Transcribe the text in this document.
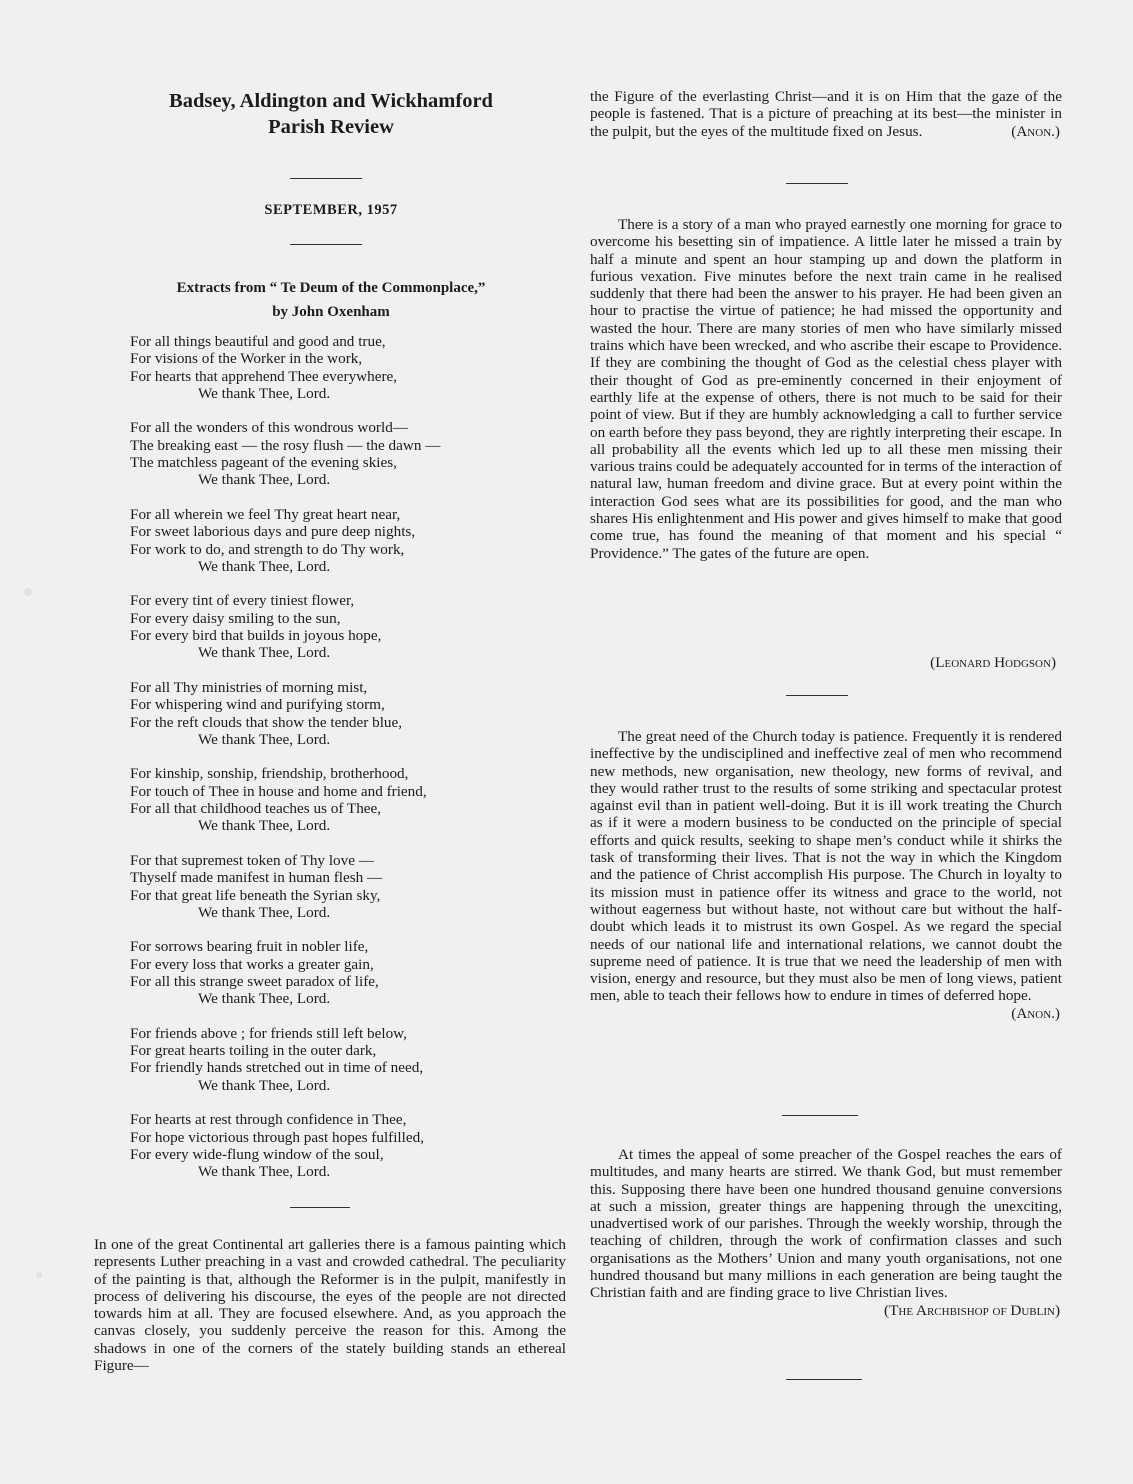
Badsey, Aldington and Wickhamford
Parish Review
SEPTEMBER, 1957
Extracts from “ Te Deum of the Commonplace,”
by John Oxenham
For all things beautiful and good and true,
For visions of the Worker in the work,
For hearts that apprehend Thee everywhere,
We thank Thee, Lord.
For all the wonders of this wondrous world—
The breaking east — the rosy flush — the dawn —
The matchless pageant of the evening skies,
We thank Thee, Lord.
For all wherein we feel Thy great heart near,
For sweet laborious days and pure deep nights,
For work to do, and strength to do Thy work,
We thank Thee, Lord.
For every tint of every tiniest flower,
For every daisy smiling to the sun,
For every bird that builds in joyous hope,
We thank Thee, Lord.
For all Thy ministries of morning mist,
For whispering wind and purifying storm,
For the reft clouds that show the tender blue,
We thank Thee, Lord.
For kinship, sonship, friendship, brotherhood,
For touch of Thee in house and home and friend,
For all that childhood teaches us of Thee,
We thank Thee, Lord.
For that supremest token of Thy love —
Thyself made manifest in human flesh —
For that great life beneath the Syrian sky,
We thank Thee, Lord.
For sorrows bearing fruit in nobler life,
For every loss that works a greater gain,
For all this strange sweet paradox of life,
We thank Thee, Lord.
For friends above ; for friends still left below,
For great hearts toiling in the outer dark,
For friendly hands stretched out in time of need,
We thank Thee, Lord.
For hearts at rest through confidence in Thee,
For hope victorious through past hopes fulfilled,
For every wide-flung window of the soul,
We thank Thee, Lord.

In one of the great Continental art galleries there is a famous painting which represents Luther preaching in a vast and crowded cathedral. The peculiarity of the painting is that, although the Reformer is in the pulpit, manifestly in process of delivering his discourse, the eyes of the people are not directed towards him at all. They are focused elsewhere. And, as you approach the canvas closely, you suddenly perceive the reason for this. Among the shadows in one of the corners of the stately building stands an ethereal Figure—

the Figure of the everlasting Christ—and it is on Him that the gaze of the people is fastened. That is a picture of preaching at its best—the minister in the pulpit, but the eyes of the multitude fixed on Jesus.	(Anon.)

There is a story of a man who prayed earnestly one morning for grace to overcome his besetting sin of impatience. A little later he missed a train by half a minute and spent an hour stamping up and down the platform in furious vexation. Five minutes before the next train came in he realised suddenly that there had been the answer to his prayer. He had been given an hour to practise the virtue of patience; he had missed the opportunity and wasted the hour. There are many stories of men who have similarly missed trains which have been wrecked, and who ascribe their escape to Providence. If they are combining the thought of God as the celestial chess player with their thought of God as pre-eminently concerned in their enjoyment of earthly life at the expense of others, there is not much to be said for their point of view. But if they are humbly acknowledging a call to further service on earth before they pass beyond, they are rightly interpreting their escape. In all probability all the events which led up to all these men missing their various trains could be adequately accounted for in terms of the interaction of natural law, human freedom and divine grace. But at every point within the interaction God sees what are its possibilities for good, and the man who shares His enlightenment and His power and gives himself to make that good come true, has found the meaning of that moment and his special “ Providence.” The gates of the future are open.

(Leonard Hodgson)

The great need of the Church today is patience. Frequently it is rendered ineffective by the undisciplined and ineffective zeal of men who recommend new methods, new organisation, new theology, new forms of revival, and they would rather trust to the results of some striking and spectacular protest against evil than in patient well-doing. But it is ill work treating the Church as if it were a modern business to be conducted on the principle of special efforts and quick results, seeking to shape men’s conduct while it shirks the task of transforming their lives. That is not the way in which the Kingdom and the patience of Christ accomplish His purpose. The Church in loyalty to its mission must in patience offer its witness and grace to the world, not without eagerness but without haste, not without care but without the half-doubt which leads it to mistrust its own Gospel. As we regard the special needs of our national life and international relations, we cannot doubt the supreme need of patience. It is true that we need the leadership of men with vision, energy and resource, but they must also be men of long views, patient men, able to teach their fellows how to endure in times of deferred hope.
(Anon.)

At times the appeal of some preacher of the Gospel reaches the ears of multitudes, and many hearts are stirred. We thank God, but must remember this. Supposing there have been one hundred thousand genuine conversions at such a mission, greater things are happening through the unexciting, unadvertised work of our parishes. Through the weekly worship, through the teaching of children, through the work of confirmation classes and such organisations as the Mothers’ Union and many youth organisations, not one hundred thousand but many millions in each generation are being taught the Christian faith and are finding grace to live Christian lives.
(The Archbishop of Dublin)
